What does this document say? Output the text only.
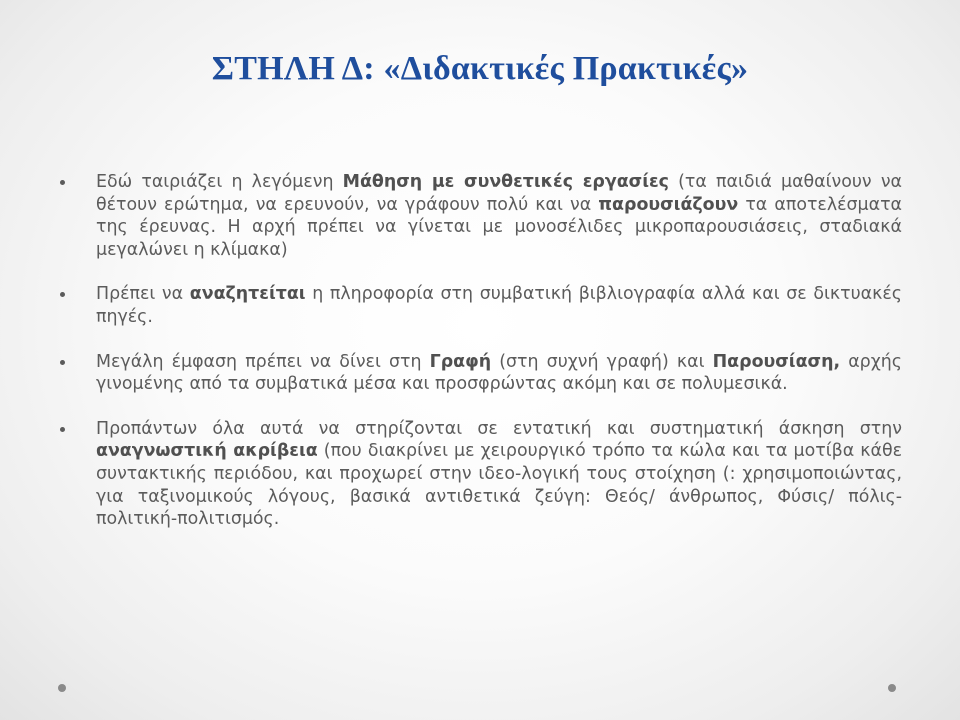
ΣΤΗΛΗ Δ: «Διδακτικές Πρακτικές»
Εδώ ταιριάζει η λεγόμενη Μάθηση με συνθετικές εργασίες (τα παιδιά μαθαίνουν να θέτουν ερώτημα, να ερευνούν, να γράφουν πολύ και να παρουσιάζουν τα αποτελέσματα της έρευνας. Η αρχή πρέπει να γίνεται με μονοσέλιδες μικροπαρουσιάσεις, σταδιακά μεγαλώνει η κλίμακα)
Πρέπει να αναζητείται η πληροφορία στη συμβατική βιβλιογραφία αλλά και σε δικτυακές πηγές.
Μεγάλη έμφαση πρέπει να δίνει στη Γραφή (στη συχνή γραφή) και Παρουσίαση, αρχής γινομένης από τα συμβατικά μέσα και προσφρώντας ακόμη και σε πολυμεσικά.
Προπάντων όλα αυτά να στηρίζονται σε εντατική και συστηματική άσκηση στην αναγνωστική ακρίβεια (που διακρίνει με χειρουργικό τρόπο τα κώλα και τα μοτίβα κάθε συντακτικής περιόδου, και προχωρεί στην ιδεο-λογική τους στοίχηση (: χρησιμοποιώντας, για ταξινομικούς λόγους, βασικά αντιθετικά ζεύγη: Θεός/ άνθρωπος, Φύσις/ πόλις-πολιτική-πολιτισμός.
